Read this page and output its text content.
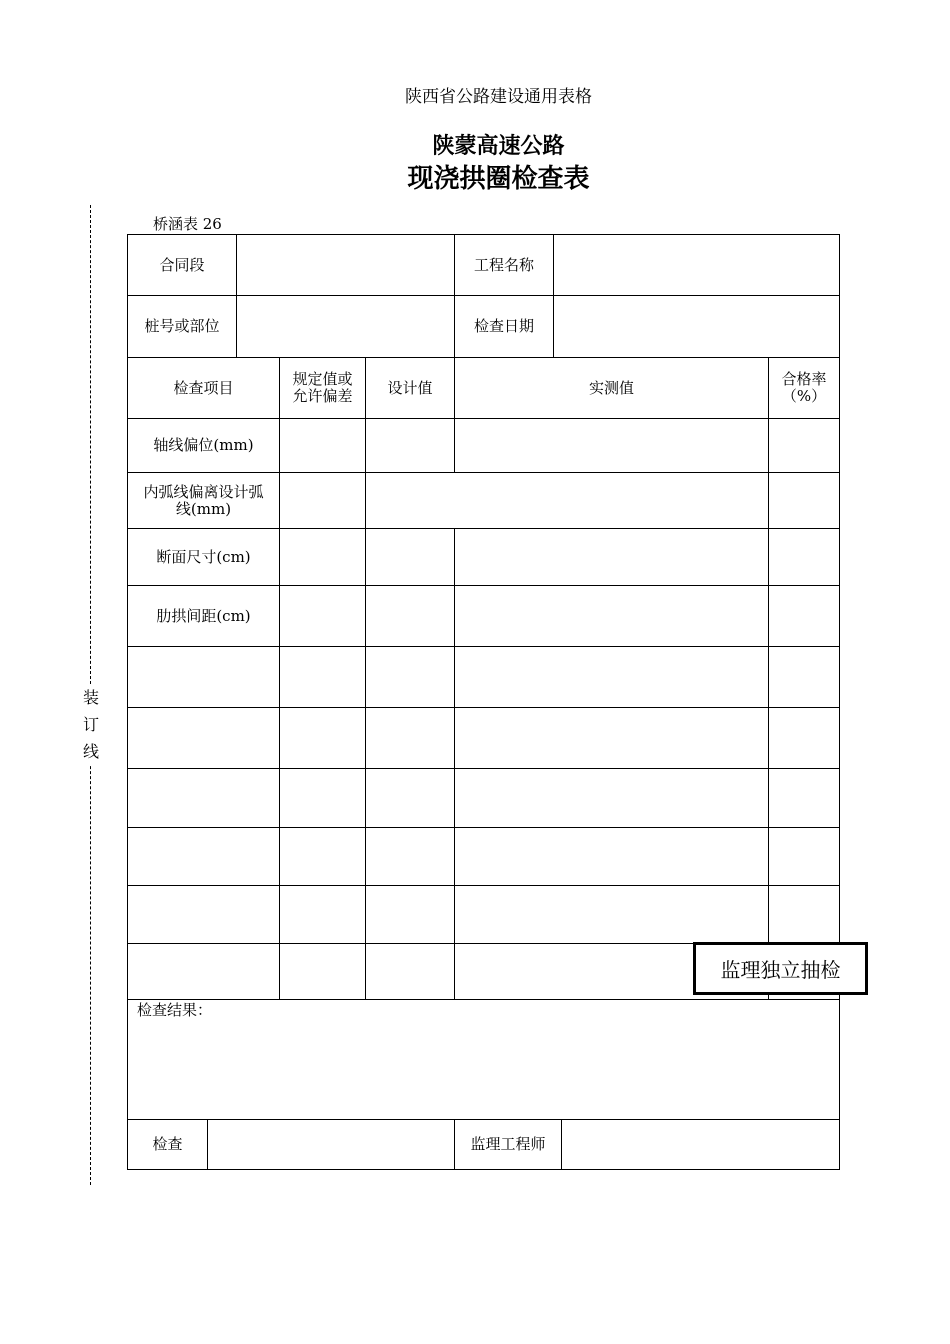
陕西省公路建设通用表格
陕蒙高速公路
现浇拱圈检查表
桥涵表 26
装
订
线
合同段	工程名称
桩号或部位	检查日期
检查项目	规定值或允许偏差	设计值	实测值	合格率（%）
轴线偏位(mm)
内弧线偏离设计弧线(mm)
断面尺寸(cm)
肋拱间距(cm)
检查结果：
检查	监理工程师
监理独立抽检
